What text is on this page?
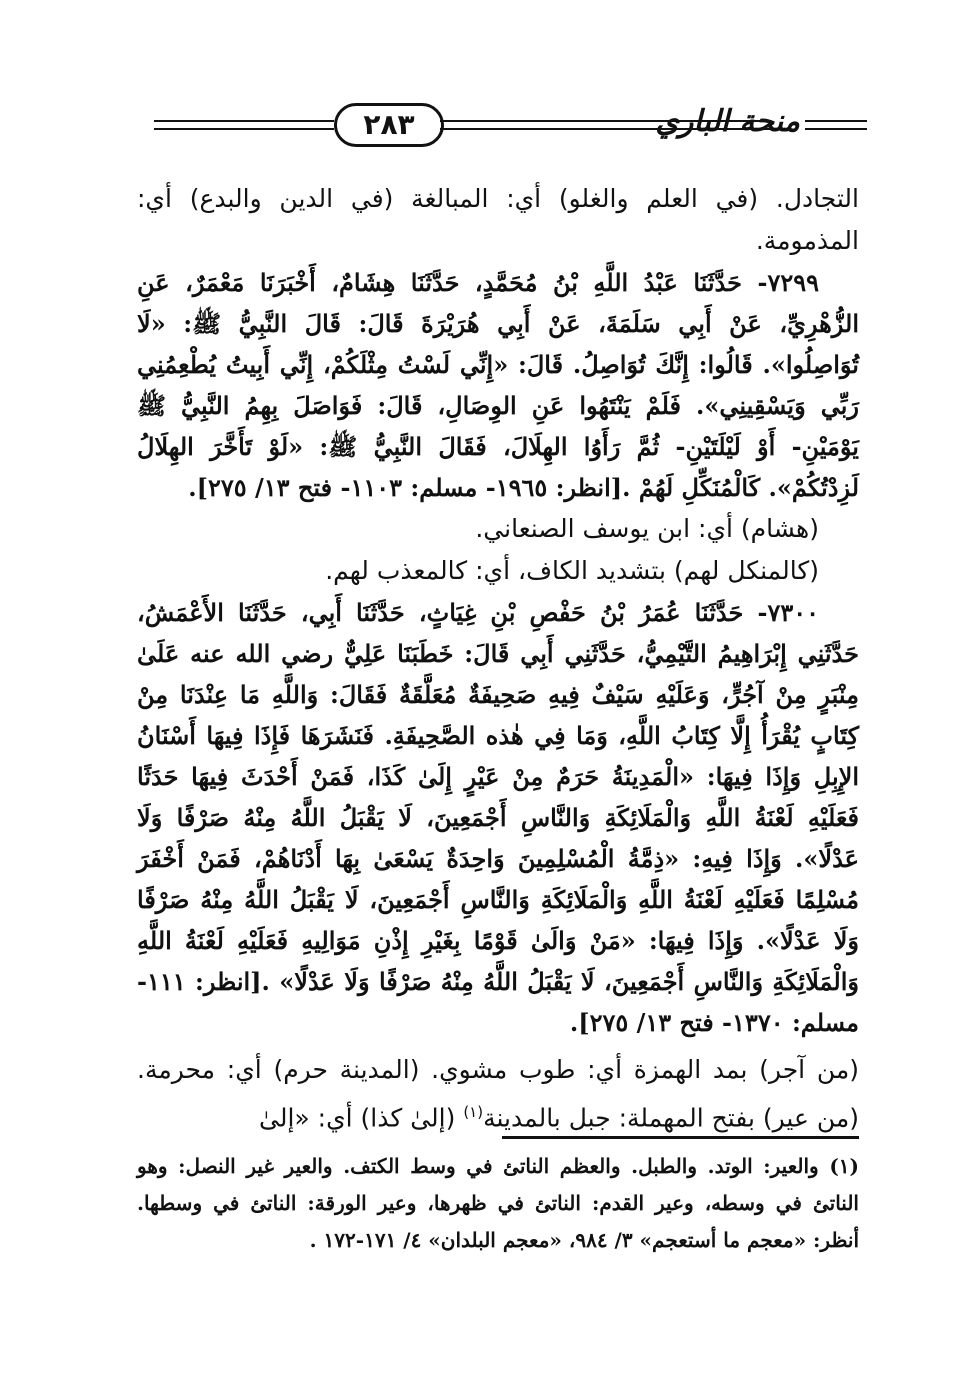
٢٨٣	منحة الباري

التجادل. (في العلم والغلو) أي: المبالغة (في الدين والبدع) أي: المذمومة.

٧٢٩٩- حَدَّثَنَا عَبْدُ اللَّهِ بْنُ مُحَمَّدٍ، حَدَّثَنَا هِشَامٌ، أَخْبَرَنَا مَعْمَرٌ، عَنِ الزُّهْرِيِّ، عَنْ أَبِي سَلَمَةَ، عَنْ أَبِي هُرَيْرَةَ قَالَ: قَالَ النَّبِيُّ ﷺ: «لَا تُوَاصِلُوا». قَالُوا: إِنَّكَ تُوَاصِلُ. قَالَ: «إِنِّي لَسْتُ مِثْلَكُمْ، إِنِّي أَبِيتُ يُطْعِمُنِي رَبِّي وَيَسْقِينِي». فَلَمْ يَنْتَهُوا عَنِ الوِصَالِ، قَالَ: فَوَاصَلَ بِهِمُ النَّبِيُّ ﷺ يَوْمَيْنِ- أَوْ لَيْلَتَيْنِ- ثُمَّ رَأَوُا الهِلَالَ، فَقَالَ النَّبِيُّ ﷺ: «لَوْ تَأَخَّرَ الهِلَالُ لَزِدْتُكُمْ». كَالْمُنَكِّلِ لَهُمْ .[انظر: ١٩٦٥- مسلم: ١١٠٣- فتح ١٣/ ٢٧٥].

(هشام) أي: ابن يوسف الصنعاني.

(كالمنكل لهم) بتشديد الكاف، أي: كالمعذب لهم.

٧٣٠٠- حَدَّثَنَا عُمَرُ بْنُ حَفْصِ بْنِ غِيَاثٍ، حَدَّثَنَا أَبِي، حَدَّثَنَا الأَعْمَشُ، حَدَّثَنِي إِبْرَاهِيمُ التَّيْمِيُّ، حَدَّثَنِي أَبِي قَالَ: خَطَبَنَا عَلِيٌّ رضي الله عنه عَلَىٰ مِنْبَرٍ مِنْ آجُرٍّ، وَعَلَيْهِ سَيْفٌ فِيهِ صَحِيفَةٌ مُعَلَّقَةٌ فَقَالَ: وَاللَّهِ مَا عِنْدَنَا مِنْ كِتَابٍ يُقْرَأُ إِلَّا كِتَابُ اللَّهِ، وَمَا فِي هٰذه الصَّحِيفَةِ. فَنَشَرَهَا فَإِذَا فِيهَا أَسْنَانُ الإِبِلِ وَإِذَا فِيهَا: «الْمَدِينَةُ حَرَمٌ مِنْ عَيْرٍ إِلَىٰ كَذَا، فَمَنْ أَحْدَثَ فِيهَا حَدَثًا فَعَلَيْهِ لَعْنَةُ اللَّهِ وَالْمَلَائِكَةِ وَالنَّاسِ أَجْمَعِينَ، لَا يَقْبَلُ اللَّهُ مِنْهُ صَرْفًا وَلَا عَدْلًا». وَإِذَا فِيهِ: «ذِمَّةُ الْمُسْلِمِينَ وَاحِدَةٌ يَسْعَىٰ بِهَا أَدْنَاهُمْ، فَمَنْ أَخْفَرَ مُسْلِمًا فَعَلَيْهِ لَعْنَةُ اللَّهِ وَالْمَلَائِكَةِ وَالنَّاسِ أَجْمَعِينَ، لَا يَقْبَلُ اللَّهُ مِنْهُ صَرْفًا وَلَا عَدْلًا». وَإِذَا فِيهَا: «مَنْ وَالَىٰ قَوْمًا بِغَيْرِ إِذْنِ مَوَالِيهِ فَعَلَيْهِ لَعْنَةُ اللَّهِ وَالْمَلَائِكَةِ وَالنَّاسِ أَجْمَعِينَ، لَا يَقْبَلُ اللَّهُ مِنْهُ صَرْفًا وَلَا عَدْلًا» .[انظر: ١١١- مسلم: ١٣٧٠- فتح ١٣/ ٢٧٥].

(من آجر) بمد الهمزة أي: طوب مشوي. (المدينة حرم) أي: محرمة. (من عير) بفتح المهملة: جبل بالمدينة$^{(١)}$ (إلىٰ كذا) أي: «إلىٰ

(١) والعير: الوتد. والطبل. والعظم الناتئ في وسط الكتف. والعير غير النصل: وهو الناتئ في وسطه، وعير القدم: الناتئ في ظهرها، وعير الورقة: الناتئ في وسطها. أنظر: «معجم ما أستعجم» ٣/ ٩٨٤، «معجم البلدان» ٤/ ١٧١-١٧٢ .
